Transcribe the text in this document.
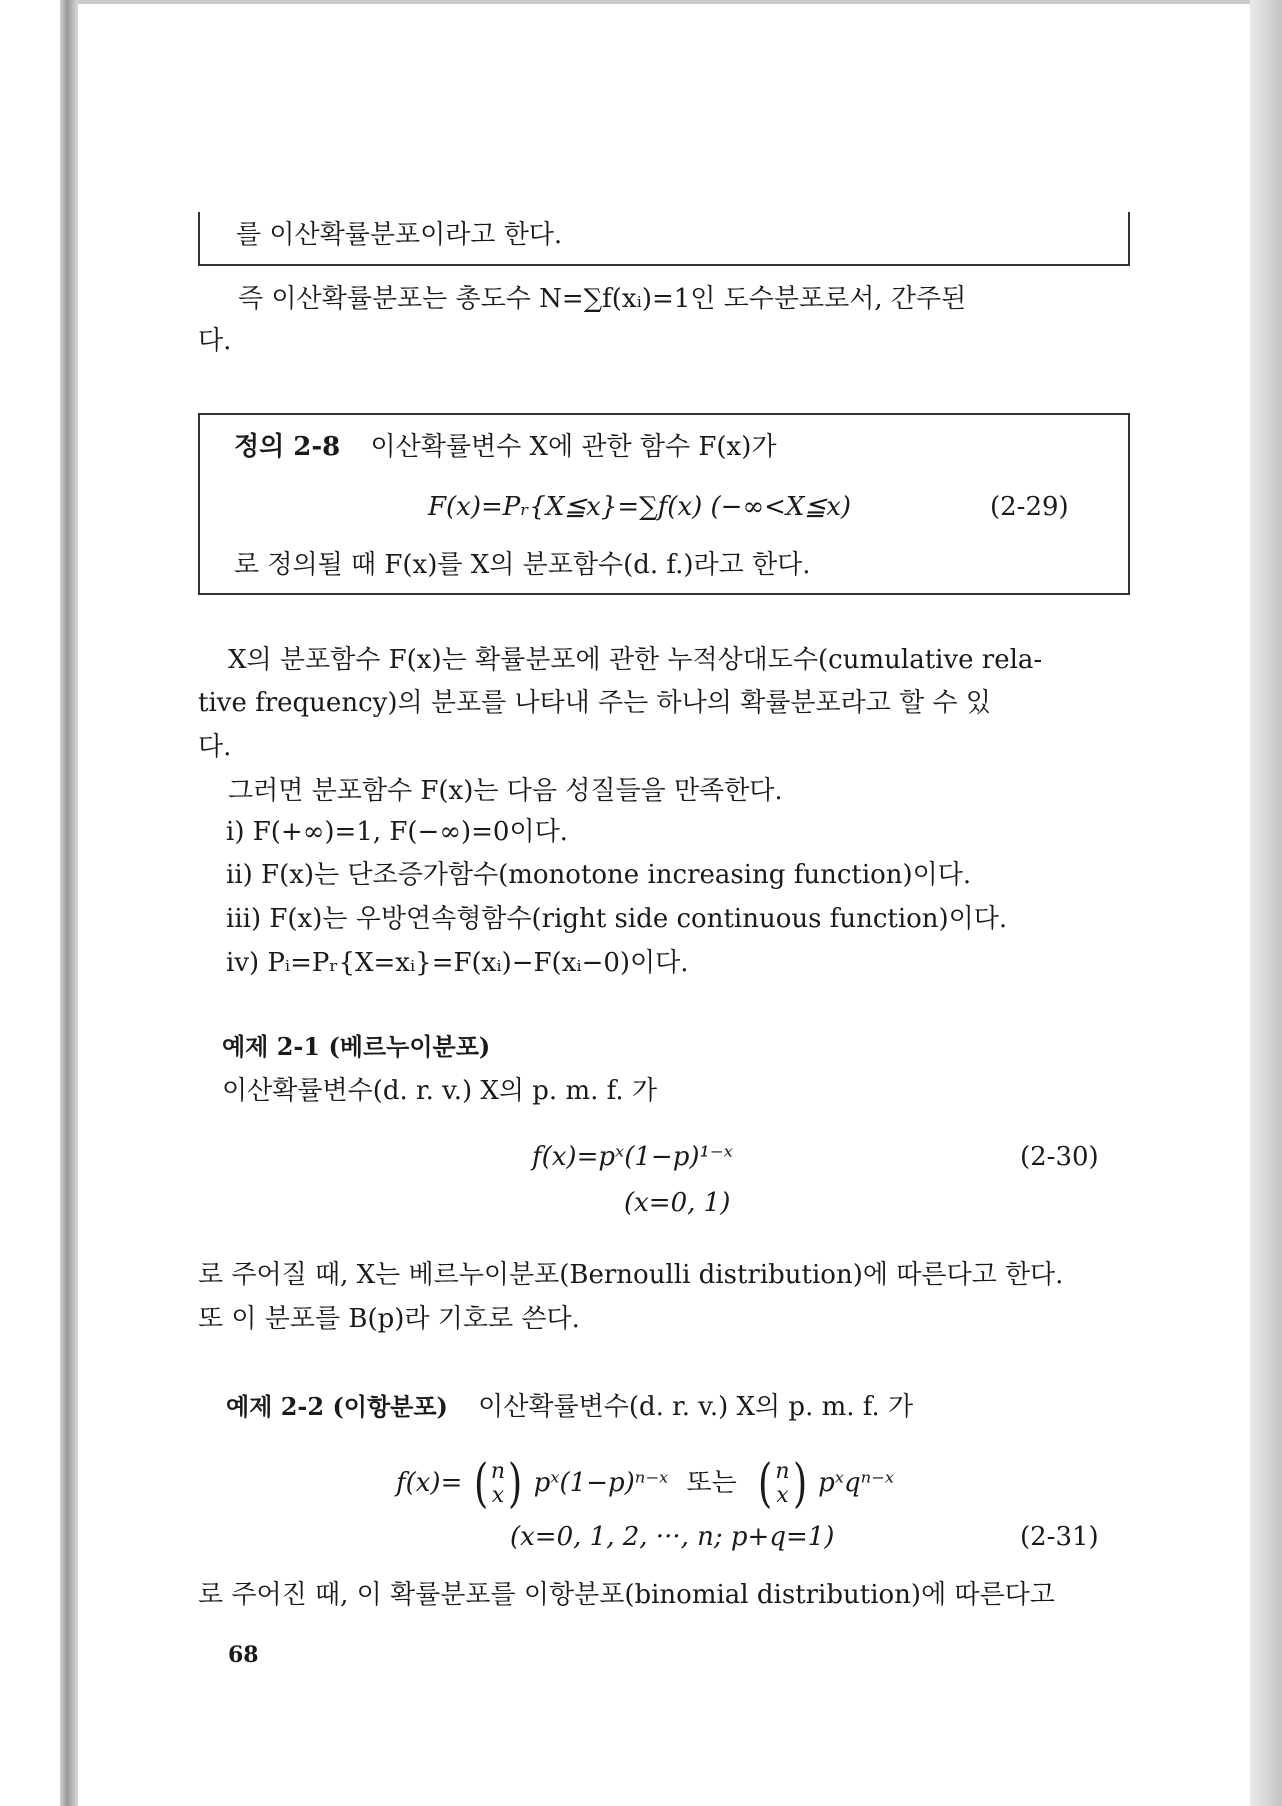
를 이산확률분포이라고 한다.
즉 이산확률분포는 총도수 N=∑f(xᵢ)=1인 도수분포로서, 간주된
다.
정의 2-8 이산확률변수 X에 관한 함수 F(x)가
F(x)=Pᵣ{X≦x}=∑f(x) (−∞<X≦x)	(2-29)
로 정의될 때 F(x)를 X의 분포함수(d. f.)라고 한다.
X의 분포함수 F(x)는 확률분포에 관한 누적상대도수(cumulative rela-
tive frequency)의 분포를 나타내 주는 하나의 확률분포라고 할 수 있
다.
그러면 분포함수 F(x)는 다음 성질들을 만족한다.
i) F(+∞)=1, F(−∞)=0이다.
ii) F(x)는 단조증가함수(monotone increasing function)이다.
iii) F(x)는 우방연속형함수(right side continuous function)이다.
iv) Pᵢ=Pᵣ{X=xᵢ}=F(xᵢ)−F(xᵢ−0)이다.
예제 2-1 (베르누이분포)
이산확률변수(d. r. v.) X의 p. m. f. 가
f(x)=pˣ(1−p)¹⁻ˣ	(2-30)
(x=0, 1)
로 주어질 때, X는 베르누이분포(Bernoulli distribution)에 따른다고 한다.
또 이 분포를 B(p)라 기호로 쓴다.
예제 2-2 (이항분포) 이산확률변수(d. r. v.) X의 p. m. f. 가
f(x)= ( n
x ) pˣ(1−p)ⁿ⁻ˣ 또는 ( n
x ) pˣqⁿ⁻ˣ
(x=0, 1, 2, ···, n; p+q=1)	(2-31)
로 주어진 때, 이 확률분포를 이항분포(binomial distribution)에 따른다고
68
